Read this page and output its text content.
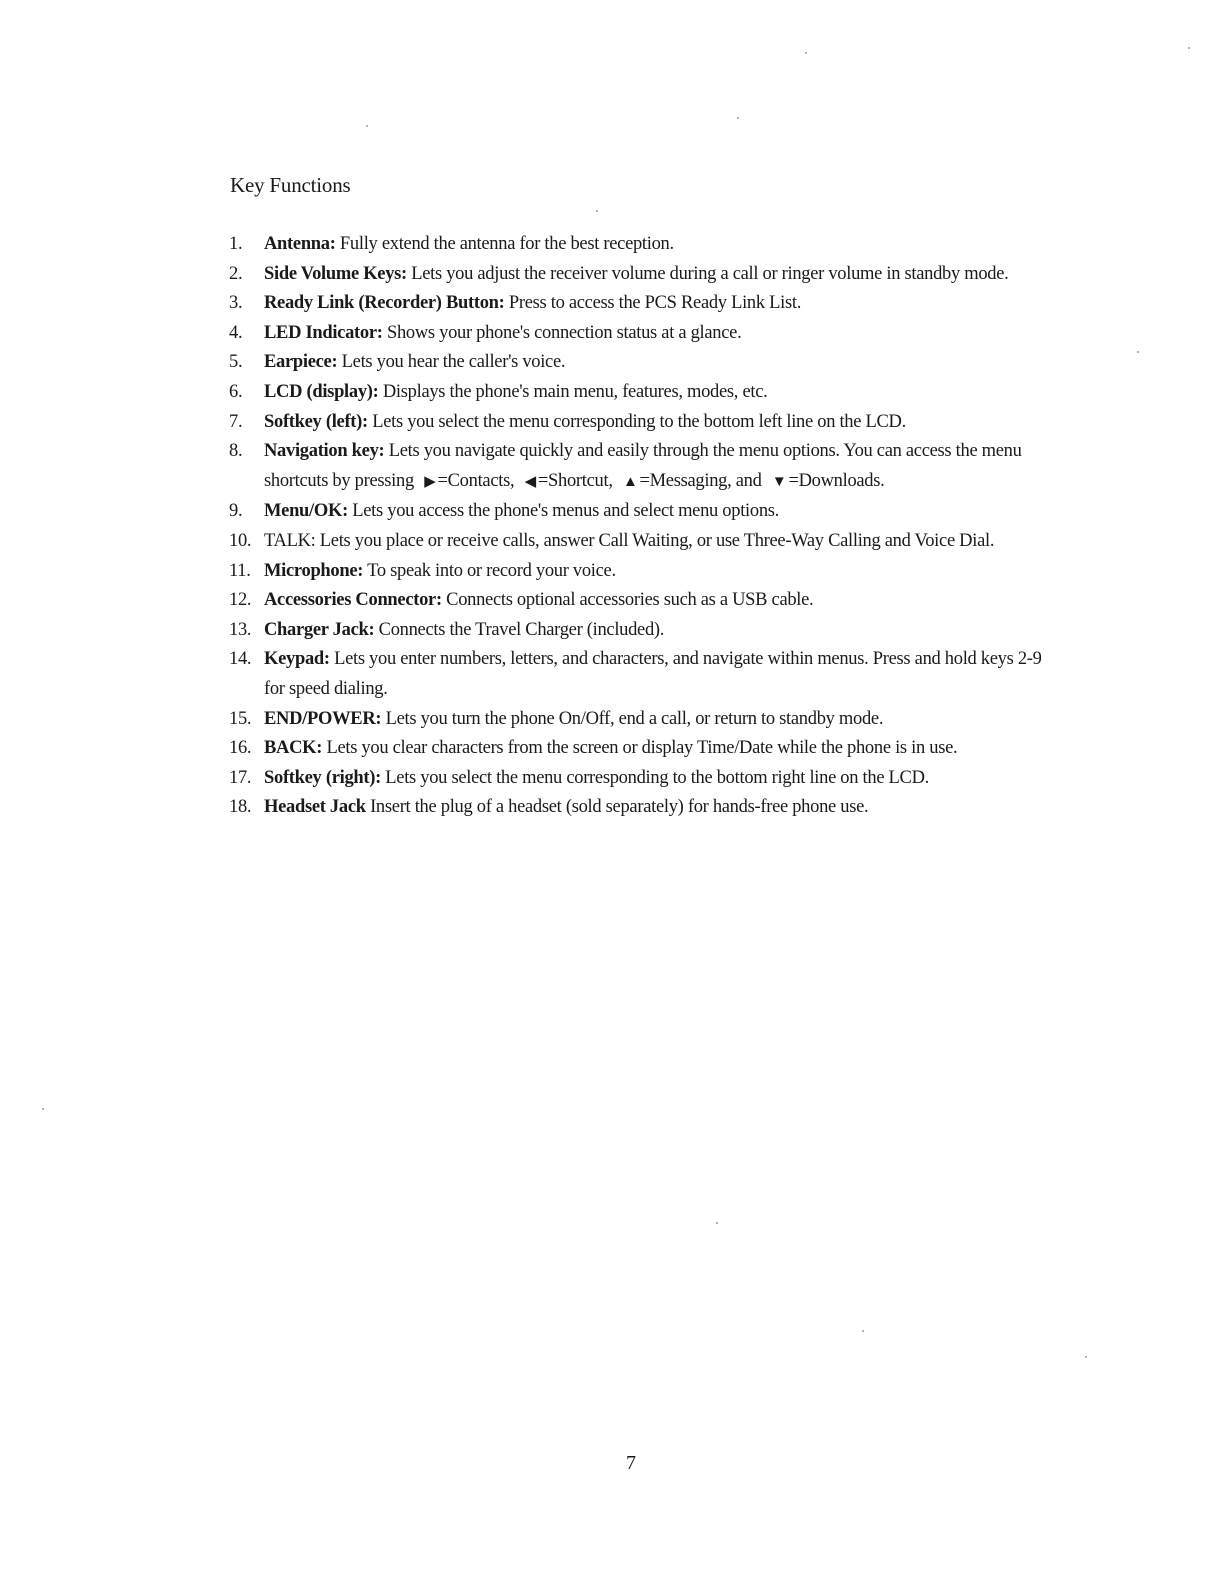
Key Functions
1. Antenna: Fully extend the antenna for the best reception.
2. Side Volume Keys: Lets you adjust the receiver volume during a call or ringer volume in standby mode.
3. Ready Link (Recorder) Button: Press to access the PCS Ready Link List.
4. LED Indicator: Shows your phone's connection status at a glance.
5. Earpiece: Lets you hear the caller's voice.
6. LCD (display): Displays the phone's main menu, features, modes, etc.
7. Softkey (left): Lets you select the menu corresponding to the bottom left line on the LCD.
8. Navigation key: Lets you navigate quickly and easily through the menu options. You can access the menu shortcuts by pressing ▶ =Contacts, ◀ =Shortcut, ▲ =Messaging, and ▼ =Downloads.
9. Menu/OK: Lets you access the phone's menus and select menu options.
10. TALK: Lets you place or receive calls, answer Call Waiting, or use Three-Way Calling and Voice Dial.
11. Microphone: To speak into or record your voice.
12. Accessories Connector: Connects optional accessories such as a USB cable.
13. Charger Jack: Connects the Travel Charger (included).
14. Keypad: Lets you enter numbers, letters, and characters, and navigate within menus. Press and hold keys 2-9 for speed dialing.
15. END/POWER: Lets you turn the phone On/Off, end a call, or return to standby mode.
16. BACK: Lets you clear characters from the screen or display Time/Date while the phone is in use.
17. Softkey (right): Lets you select the menu corresponding to the bottom right line on the LCD.
18. Headset Jack Insert the plug of a headset (sold separately) for hands-free phone use.
7
